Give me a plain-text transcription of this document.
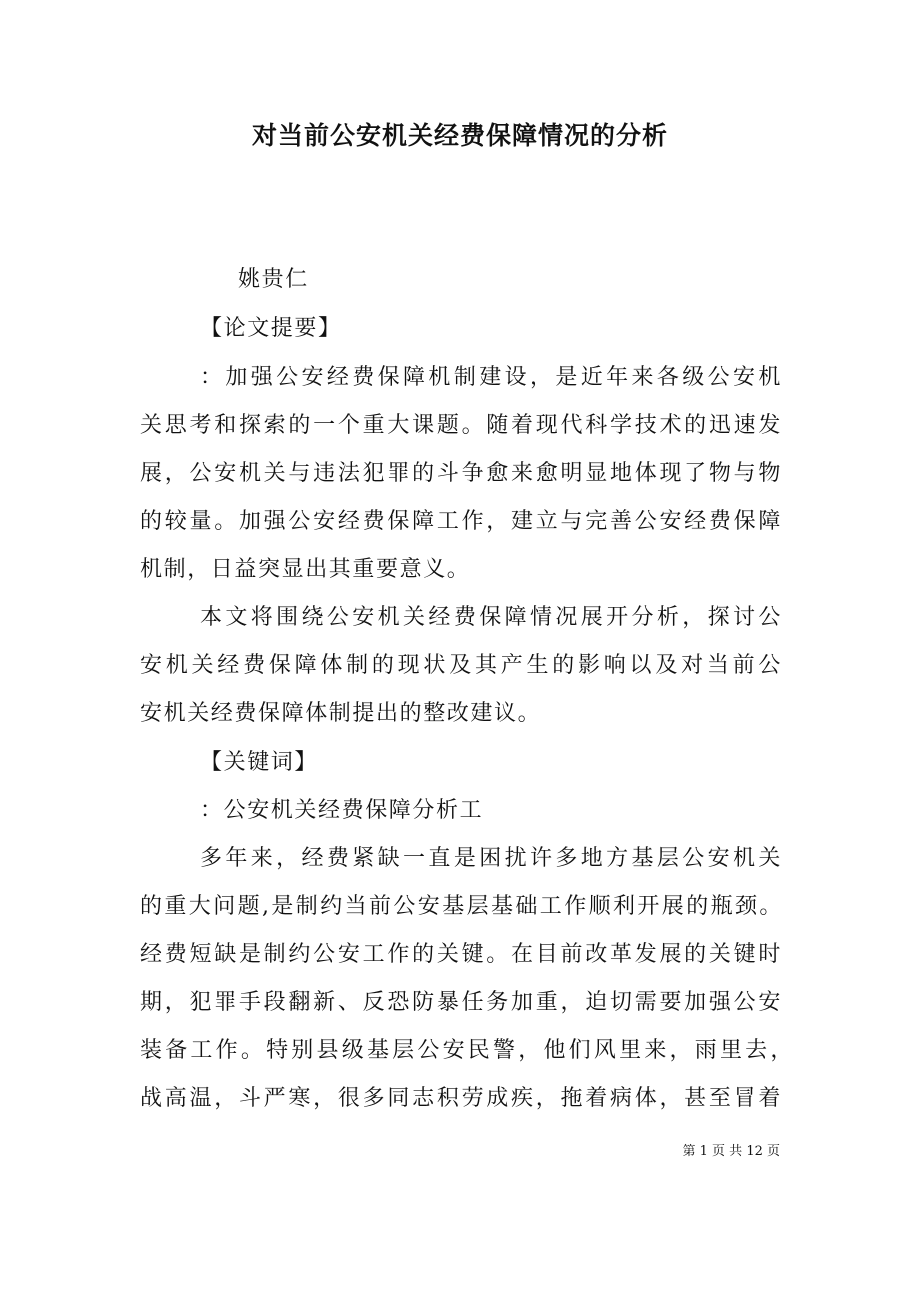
对当前公安机关经费保障情况的分析
姚贵仁
【论文提要】
：加强公安经费保障机制建设，是近年来各级公安机
关思考和探索的一个重大课题。随着现代科学技术的迅速发
展，公安机关与违法犯罪的斗争愈来愈明显地体现了物与物
的较量。加强公安经费保障工作，建立与完善公安经费保障
机制，日益突显出其重要意义。
本文将围绕公安机关经费保障情况展开分析，探讨公
安机关经费保障体制的现状及其产生的影响以及对当前公
安机关经费保障体制提出的整改建议。
【关键词】
：公安机关经费保障分析工
多年来，经费紧缺一直是困扰许多地方基层公安机关
的重大问题,是制约当前公安基层基础工作顺利开展的瓶颈。
经费短缺是制约公安工作的关键。在目前改革发展的关键时
期，犯罪手段翻新、反恐防暴任务加重，迫切需要加强公安
装备工作。特别县级基层公安民警，他们风里来，雨里去，
战高温，斗严寒，很多同志积劳成疾，拖着病体，甚至冒着
第 1 页 共 12 页
